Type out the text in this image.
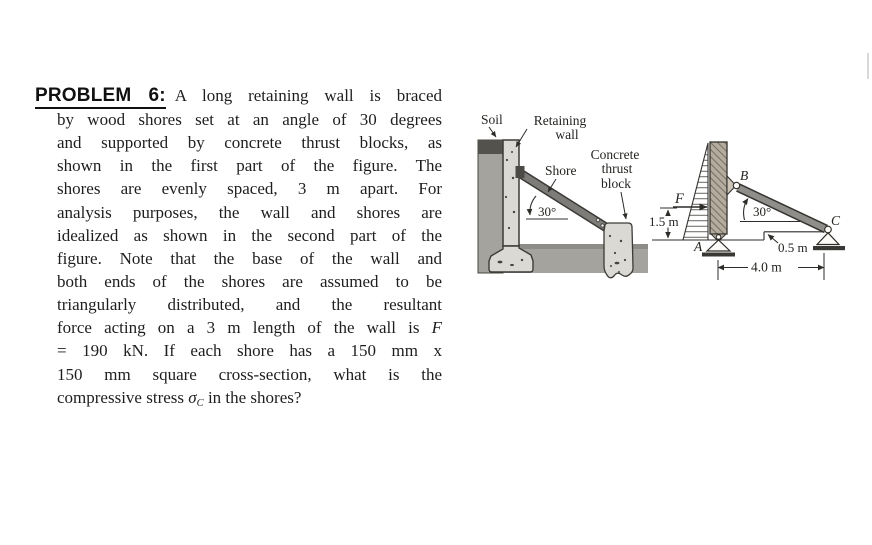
PROBLEM 6: A long retaining wall is braced
by wood shores set at an angle of 30 degrees
and supported by concrete thrust blocks, as
shown in the first part of the figure. The
shores are evenly spaced, 3 m apart. For
analysis purposes, the wall and shores are
idealized as shown in the second part of the
figure. Note that the base of the wall and
both ends of the shores are assumed to be
triangularly distributed, and the resultant
force acting on a 3 m length of the wall is F
= 190 kN. If each shore has a 150 mm x
150 mm square cross-section, what is the
compressive stress $\sigma_C$ in the shores?
30°
Soil Retaining
wall
Shore
Concrete
thrust
block
A
B
C
30°
F
1.5 m
0.5 m
4.0 m
